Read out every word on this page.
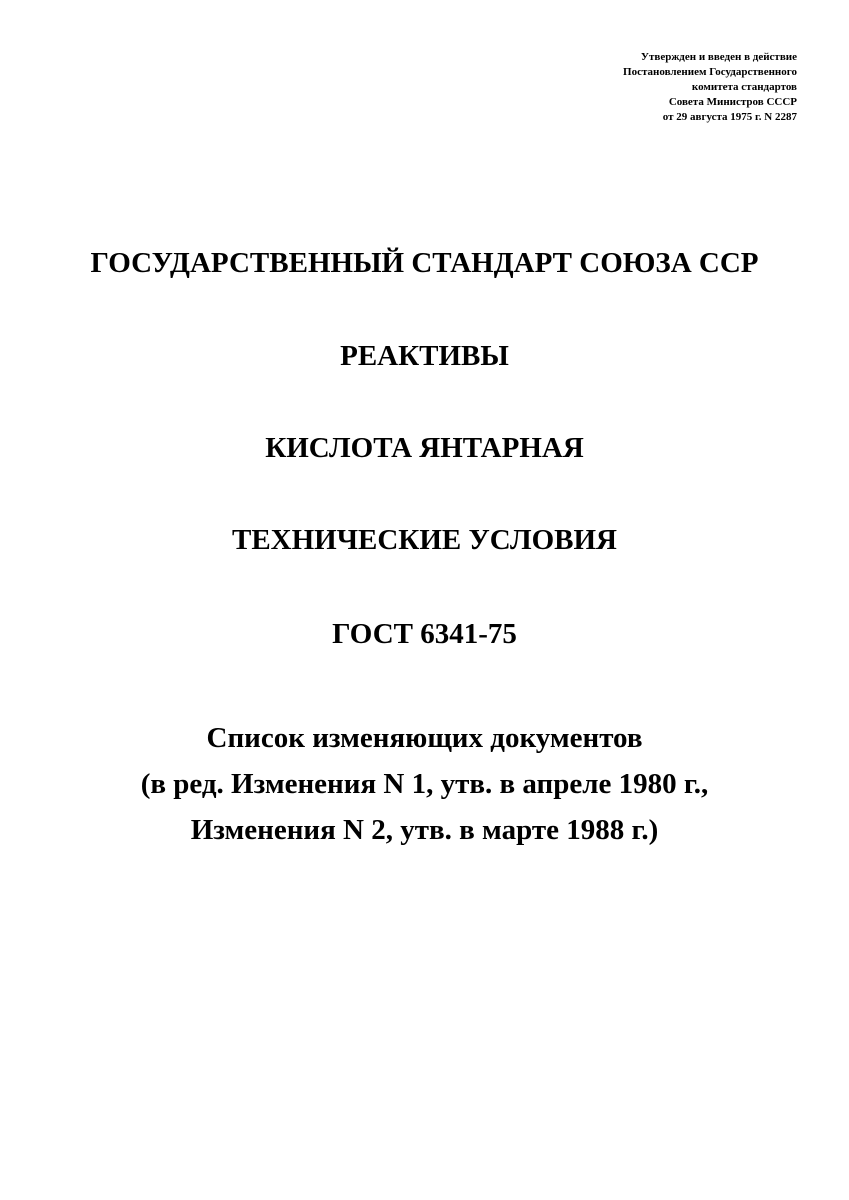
Утвержден и введен в действие
Постановлением Государственного
комитета стандартов
Совета Министров СССР
от 29 августа 1975 г. N 2287
ГОСУДАРСТВЕННЫЙ СТАНДАРТ СОЮЗА ССР
РЕАКТИВЫ
КИСЛОТА ЯНТАРНАЯ
ТЕХНИЧЕСКИЕ УСЛОВИЯ
ГОСТ 6341-75
Список изменяющих документов
(в ред. Изменения N 1, утв. в апреле 1980 г.,
Изменения N 2, утв. в марте 1988 г.)
